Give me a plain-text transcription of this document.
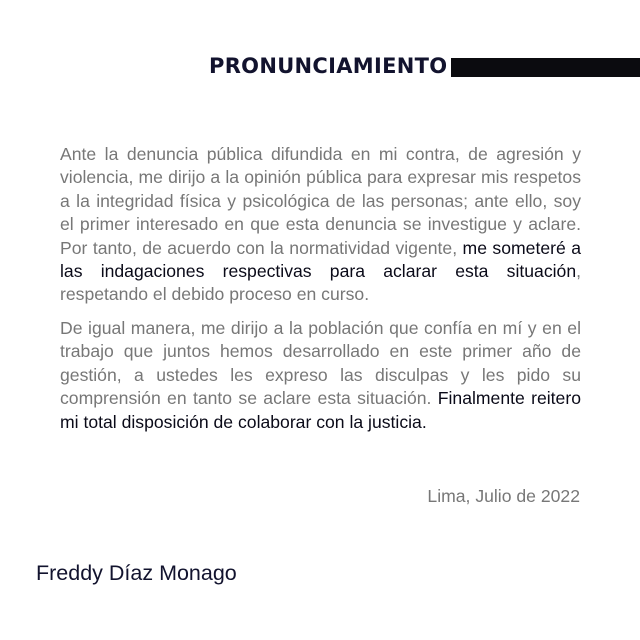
PRONUNCIAMIENTO

Ante la denuncia pública difundida en mi contra, de agresión y violencia, me dirijo a la opinión pública para expresar mis respetos a la integridad física y psicológica de las personas; ante ello, soy el primer interesado en que esta denuncia se investigue y aclare. Por tanto, de acuerdo con la normatividad vigente, me someteré a las indagaciones respectivas para aclarar esta situación, respetando el debido proceso en curso.

De igual manera, me dirijo a la población que confía en mí y en el trabajo que juntos hemos desarrollado en este primer año de gestión, a ustedes les expreso las disculpas y les pido su comprensión en tanto se aclare esta situación. Finalmente reitero mi total disposición de colaborar con la justicia.

Lima, Julio de 2022
Freddy Díaz Monago
